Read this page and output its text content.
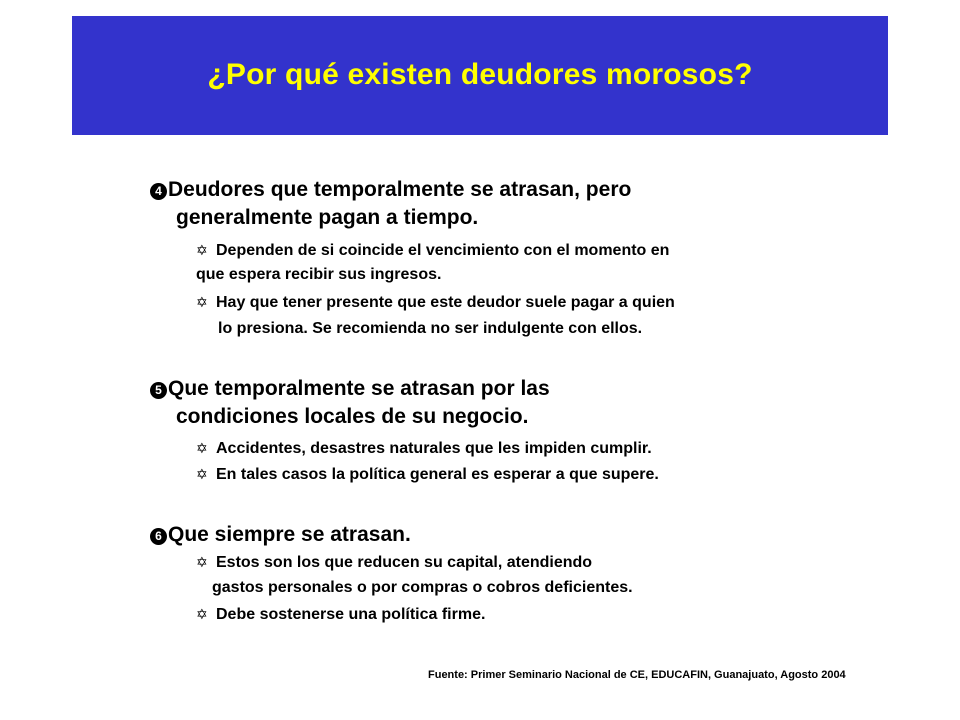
¿Por qué existen deudores morosos?
4 Deudores que temporalmente se atrasan, pero
generalmente pagan a tiempo.
✡ Dependen de si coincide el vencimiento con el momento en
que espera recibir sus ingresos.
✡ Hay que tener presente que este deudor suele pagar a quien
lo presiona. Se recomienda no ser indulgente con ellos.
5 Que temporalmente se atrasan por las
condiciones locales de su negocio.
✡ Accidentes, desastres naturales que les impiden cumplir.
✡ En tales casos la política general es esperar a que supere.
6 Que siempre se atrasan.
✡ Estos son los que reducen su capital, atendiendo
gastos personales o por compras o cobros deficientes.
✡ Debe sostenerse una política firme.
Fuente: Primer Seminario Nacional de CE, EDUCAFIN, Guanajuato, Agosto 2004
